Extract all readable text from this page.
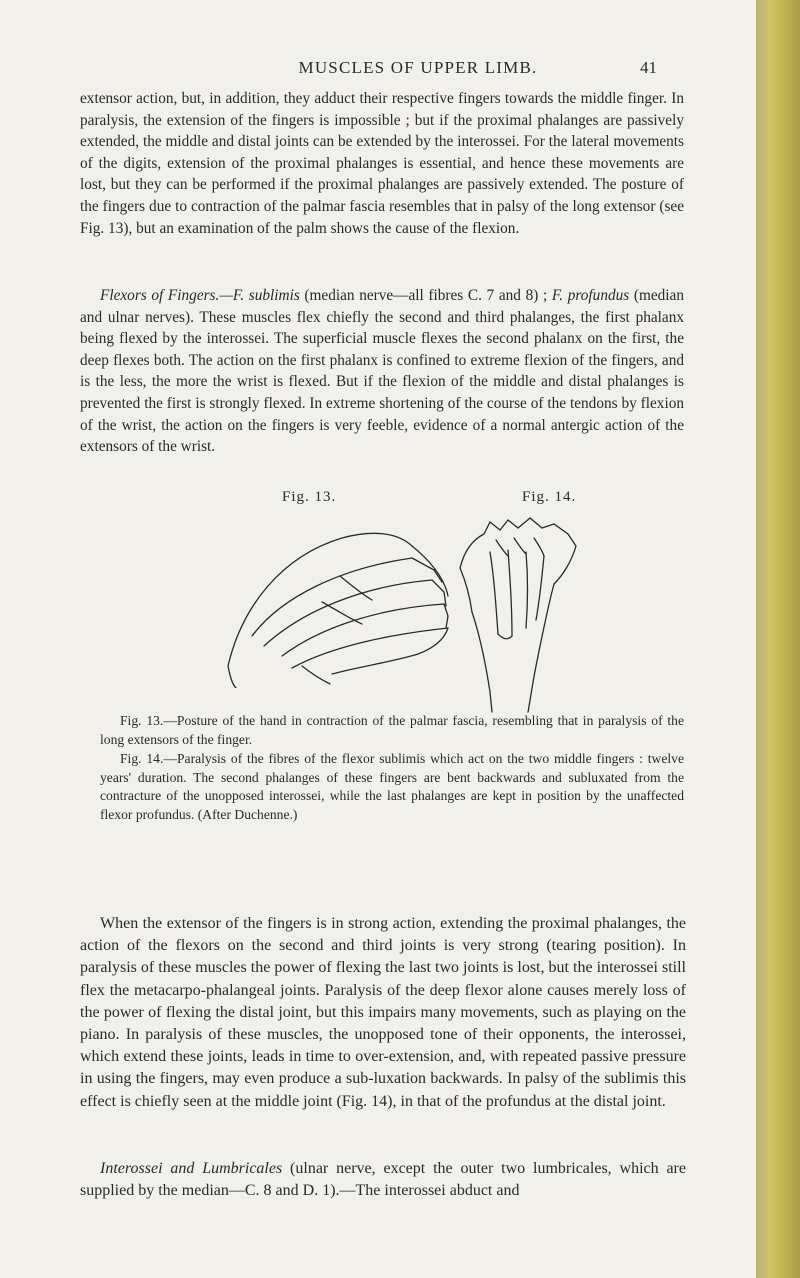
MUSCLES OF UPPER LIMB.	41

extensor action, but, in addition, they adduct their respective fingers towards the middle finger. In paralysis, the extension of the fingers is impossible ; but if the proximal phalanges are passively extended, the middle and distal joints can be extended by the interossei. For the lateral movements of the digits, extension of the proximal phalanges is essential, and hence these movements are lost, but they can be performed if the proximal phalanges are passively extended. The posture of the fingers due to contraction of the palmar fascia resembles that in palsy of the long extensor (see Fig. 13), but an examination of the palm shows the cause of the flexion.

Flexors of Fingers.—F. sublimis (median nerve—all fibres C. 7 and 8) ; F. profundus (median and ulnar nerves). These muscles flex chiefly the second and third phalanges, the first phalanx being flexed by the interossei. The superficial muscle flexes the second phalanx on the first, the deep flexes both. The action on the first phalanx is confined to extreme flexion of the fingers, and is the less, the more the wrist is flexed. But if the flexion of the middle and distal phalanges is prevented the first is strongly flexed. In extreme shortening of the course of the tendons by flexion of the wrist, the action on the fingers is very feeble, evidence of a normal antergic action of the extensors of the wrist.

Fig. 13.	Fig. 14.

Fig. 13.—Posture of the hand in contraction of the palmar fascia, resembling that in paralysis of the long extensors of the finger.

Fig. 14.—Paralysis of the fibres of the flexor sublimis which act on the two middle fingers : twelve years' duration. The second phalanges of these fingers are bent backwards and subluxated from the contracture of the unopposed interossei, while the last phalanges are kept in position by the unaffected flexor profundus. (After Duchenne.)

When the extensor of the fingers is in strong action, extending the proximal phalanges, the action of the flexors on the second and third joints is very strong (tearing position). In paralysis of these muscles the power of flexing the last two joints is lost, but the interossei still flex the metacarpo-phalangeal joints. Paralysis of the deep flexor alone causes merely loss of the power of flexing the distal joint, but this impairs many movements, such as playing on the piano. In paralysis of these muscles, the unopposed tone of their opponents, the interossei, which extend these joints, leads in time to over-extension, and, with repeated passive pressure in using the fingers, may even produce a sub-luxation backwards. In palsy of the sublimis this effect is chiefly seen at the middle joint (Fig. 14), in that of the profundus at the distal joint.

Interossei and Lumbricales (ulnar nerve, except the outer two lumbricales, which are supplied by the median—C. 8 and D. 1).—The interossei abduct and
